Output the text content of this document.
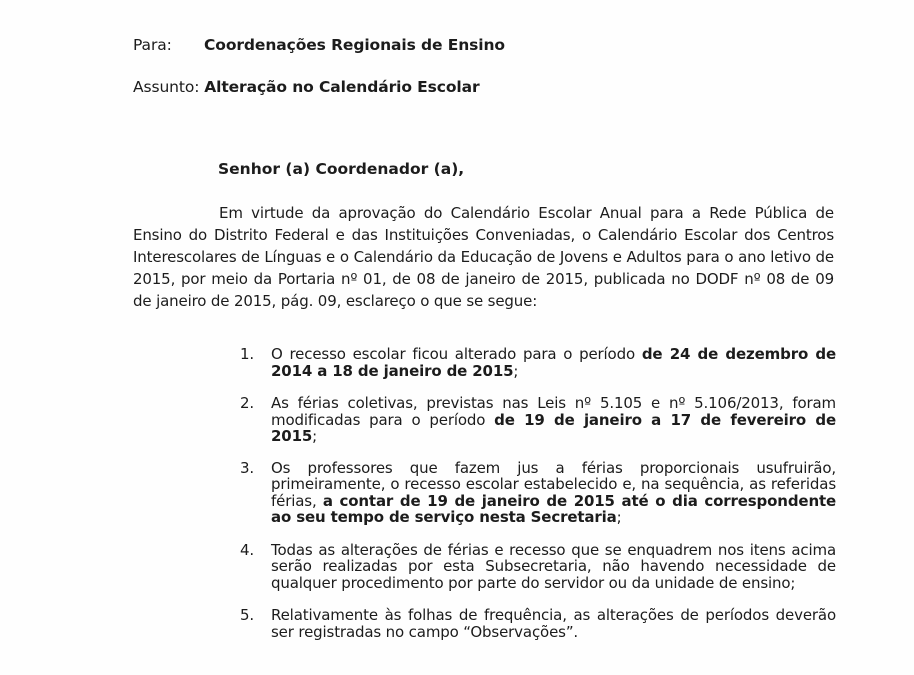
Para: Coordenações Regionais de Ensino
Assunto: Alteração no Calendário Escolar
Senhor (a) Coordenador (a),
Em virtude da aprovação do Calendário Escolar Anual para a Rede Pública de Ensino do Distrito Federal e das Instituições Conveniadas, o Calendário Escolar dos Centros Interescolares de Línguas e o Calendário da Educação de Jovens e Adultos para o ano letivo de 2015, por meio da Portaria nº 01, de 08 de janeiro de 2015, publicada no DODF nº 08 de 09 de janeiro de 2015, pág. 09, esclareço o que se segue:
1. O recesso escolar ficou alterado para o período de 24 de dezembro de 2014 a 18 de janeiro de 2015;
2. As férias coletivas, previstas nas Leis nº 5.105 e nº 5.106/2013, foram modificadas para o período de 19 de janeiro a 17 de fevereiro de 2015;
3. Os professores que fazem jus a férias proporcionais usufruirão, primeiramente, o recesso escolar estabelecido e, na sequência, as referidas férias, a contar de 19 de janeiro de 2015 até o dia correspondente ao seu tempo de serviço nesta Secretaria;
4. Todas as alterações de férias e recesso que se enquadrem nos itens acima serão realizadas por esta Subsecretaria, não havendo necessidade de qualquer procedimento por parte do servidor ou da unidade de ensino;
5. Relativamente às folhas de frequência, as alterações de períodos deverão ser registradas no campo “Observações”.
